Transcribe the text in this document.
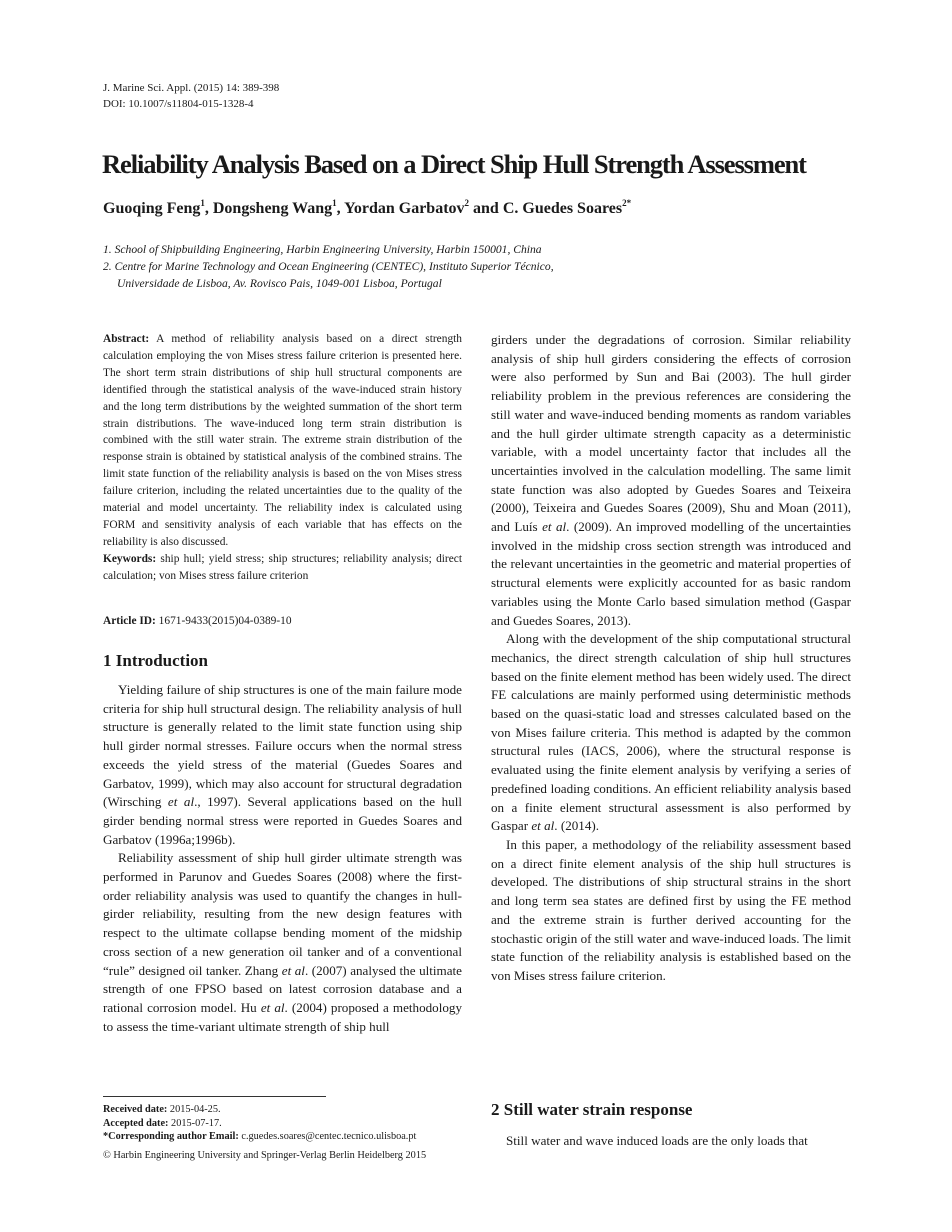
J. Marine Sci. Appl. (2015) 14: 389-398
DOI: 10.1007/s11804-015-1328-4
Reliability Analysis Based on a Direct Ship Hull Strength Assessment
Guoqing Feng$^1$, Dongsheng Wang$^1$, Yordan Garbatov$^2$ and C. Guedes Soares$^{2*}$
1. School of Shipbuilding Engineering, Harbin Engineering University, Harbin 150001, China
2. Centre for Marine Technology and Ocean Engineering (CENTEC), Instituto Superior Técnico,
Universidade de Lisboa, Av. Rovisco Pais, 1049-001 Lisboa, Portugal

Abstract: A method of reliability analysis based on a direct strength calculation employing the von Mises stress failure criterion is presented here. The short term strain distributions of ship hull structural components are identified through the statistical analysis of the wave-induced strain history and the long term distributions by the weighted summation of the short term strain distributions. The wave-induced long term strain distribution is combined with the still water strain. The extreme strain distribution of the response strain is obtained by statistical analysis of the combined strains. The limit state function of the reliability analysis is based on the von Mises stress failure criterion, including the related uncertainties due to the quality of the material and model uncertainty. The reliability index is calculated using FORM and sensitivity analysis of each variable that has effects on the reliability is also discussed.

Keywords: ship hull; yield stress; ship structures; reliability analysis; direct calculation; von Mises stress failure criterion

Article ID: 1671-9433(2015)04-0389-10
1 Introduction

Yielding failure of ship structures is one of the main failure mode criteria for ship hull structural design. The reliability analysis of hull structure is generally related to the limit state function using ship hull girder normal stresses. Failure occurs when the normal stress exceeds the yield stress of the material (Guedes Soares and Garbatov, 1999), which may also account for structural degradation (Wirsching et al., 1997). Several applications based on the hull girder bending normal stress were reported in Guedes Soares and Garbatov (1996a;1996b).

Reliability assessment of ship hull girder ultimate strength was performed in Parunov and Guedes Soares (2008) where the first-order reliability analysis was used to quantify the changes in hull-girder reliability, resulting from the new design features with respect to the ultimate collapse bending moment of the midship cross section of a new generation oil tanker and of a conventional “rule” designed oil tanker. Zhang et al. (2007) analysed the ultimate strength of one FPSO based on latest corrosion database and a rational corrosion model. Hu et al. (2004) proposed a methodology to assess the time-variant ultimate strength of ship hull

girders under the degradations of corrosion. Similar reliability analysis of ship hull girders considering the effects of corrosion were also performed by Sun and Bai (2003). The hull girder reliability problem in the previous references are considering the still water and wave-induced bending moments as random variables and the hull girder ultimate strength capacity as a deterministic variable, with a model uncertainty factor that includes all the uncertainties involved in the calculation modelling. The same limit state function was also adopted by Guedes Soares and Teixeira (2000), Teixeira and Guedes Soares (2009), Shu and Moan (2011), and Luís et al. (2009). An improved modelling of the uncertainties involved in the midship cross section strength was introduced and the relevant uncertainties in the geometric and material properties of structural elements were explicitly accounted for as basic random variables using the Monte Carlo based simulation method (Gaspar and Guedes Soares, 2013).

Along with the development of the ship computational structural mechanics, the direct strength calculation of ship hull structures based on the finite element method has been widely used. The direct FE calculations are mainly performed using deterministic methods based on the quasi-static load and stresses calculated based on the von Mises failure criteria. This method is adapted by the common structural rules (IACS, 2006), where the structural response is evaluated using the finite element analysis by verifying a series of predefined loading conditions. An efficient reliability analysis based on a finite element structural assessment is also performed by Gaspar et al. (2014).

In this paper, a methodology of the reliability assessment based on a direct finite element analysis of the ship hull structures is developed. The distributions of ship structural strains in the short and long term sea states are defined first by using the FE method and the extreme strain is further derived accounting for the stochastic origin of the still water and wave-induced loads. The limit state function of the reliability analysis is established based on the von Mises stress failure criterion.

2 Still water strain response

Still water and wave induced loads are the only loads that

Received date: 2015-04-25.
Accepted date: 2015-07-17.
*Corresponding author Email: c.guedes.soares@centec.tecnico.ulisboa.pt
© Harbin Engineering University and Springer-Verlag Berlin Heidelberg 2015
